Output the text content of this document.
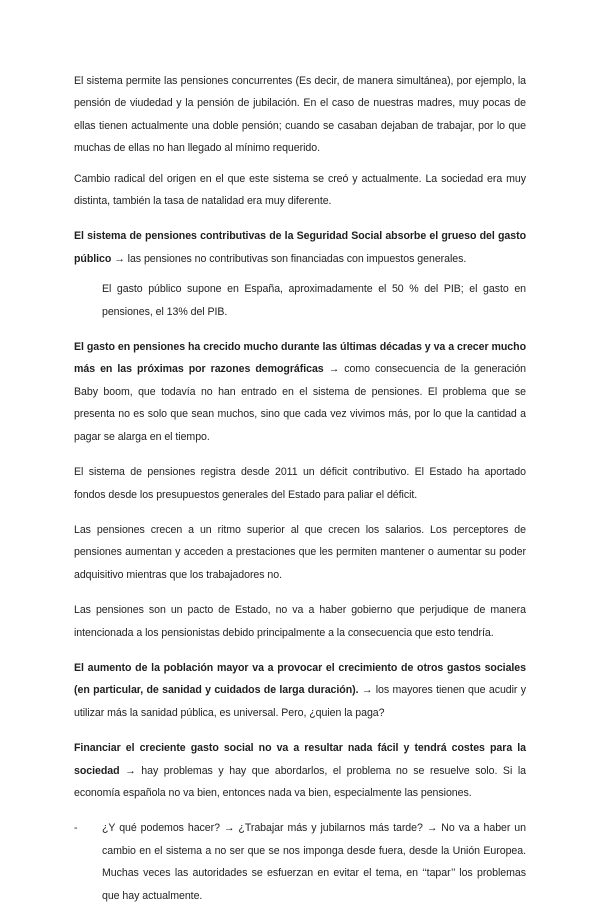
El sistema permite las pensiones concurrentes (Es decir, de manera simultánea), por ejemplo, la pensión de viudedad y la pensión de jubilación. En el caso de nuestras madres, muy pocas de ellas tienen actualmente una doble pensión; cuando se casaban dejaban de trabajar, por lo que muchas de ellas no han llegado al mínimo requerido.

Cambio radical del origen en el que este sistema se creó y actualmente. La sociedad era muy distinta, también la tasa de natalidad era muy diferente.

El sistema de pensiones contributivas de la Seguridad Social absorbe el grueso del gasto público → las pensiones no contributivas son financiadas con impuestos generales.

El gasto público supone en España, aproximadamente el 50 % del PIB; el gasto en pensiones, el 13% del PIB.

El gasto en pensiones ha crecido mucho durante las últimas décadas y va a crecer mucho más en las próximas por razones demográficas → como consecuencia de la generación Baby boom, que todavía no han entrado en el sistema de pensiones. El problema que se presenta no es solo que sean muchos, sino que cada vez vivimos más, por lo que la cantidad a pagar se alarga en el tiempo.

El sistema de pensiones registra desde 2011 un déficit contributivo. El Estado ha aportado fondos desde los presupuestos generales del Estado para paliar el déficit.

Las pensiones crecen a un ritmo superior al que crecen los salarios. Los perceptores de pensiones aumentan y acceden a prestaciones que les permiten mantener o aumentar su poder adquisitivo mientras que los trabajadores no.

Las pensiones son un pacto de Estado, no va a haber gobierno que perjudique de manera intencionada a los pensionistas debido principalmente a la consecuencia que esto tendría.

El aumento de la población mayor va a provocar el crecimiento de otros gastos sociales (en particular, de sanidad y cuidados de larga duración). → los mayores tienen que acudir y utilizar más la sanidad pública, es universal. Pero, ¿quien la paga?

Financiar el creciente gasto social no va a resultar nada fácil y tendrá costes para la sociedad → hay problemas y hay que abordarlos, el problema no se resuelve solo. Si la economía española no va bien, entonces nada va bien, especialmente las pensiones.

- ¿Y qué podemos hacer? → ¿Trabajar más y jubilarnos más tarde? → No va a haber un cambio en el sistema a no ser que se nos imponga desde fuera, desde la Unión Europea. Muchas veces las autoridades se esfuerzan en evitar el tema, en ‘‘tapar’’ los problemas que hay actualmente.
